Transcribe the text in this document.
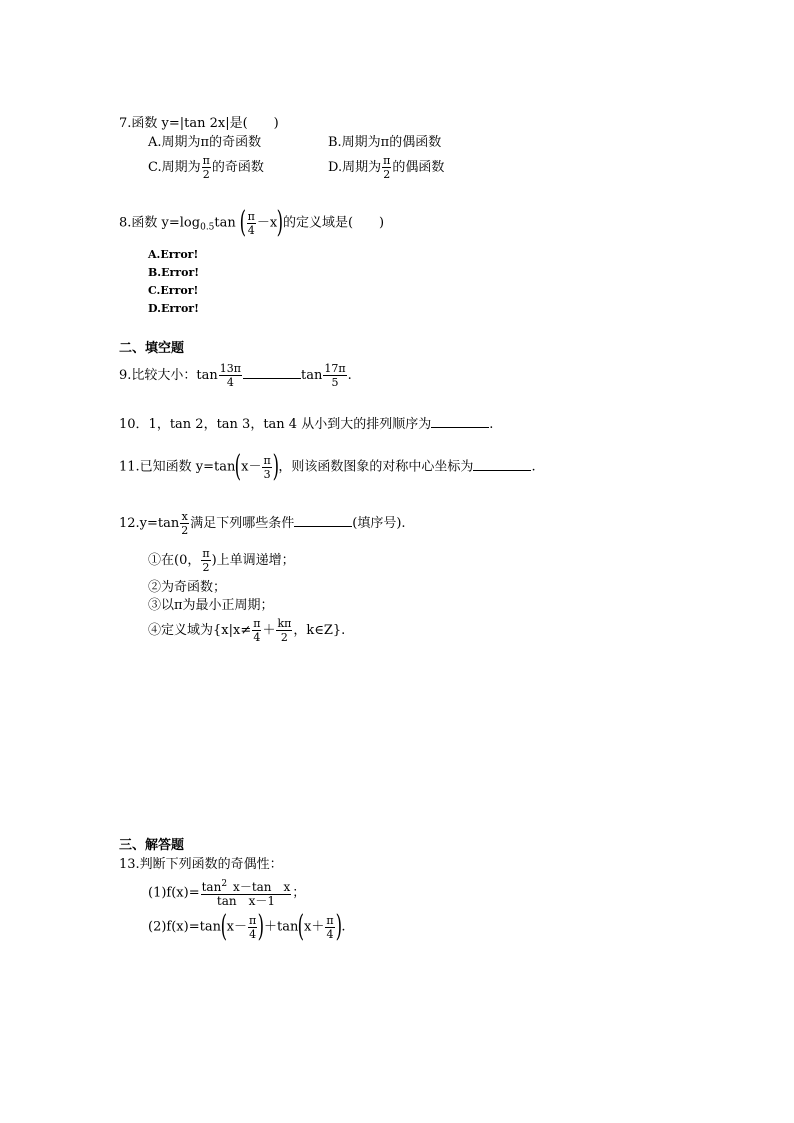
7.函数 y=|tan 2x|是(　　)
A.周期为π的奇函数	B.周期为π的偶函数
C.周期为 $\frac{\pi}{2}$ 的奇函数	D.周期为 $\frac{\pi}{2}$ 的偶函数
8.函数 $y=\log_{0.5}\tan$ ( $\frac{\pi}{4} -x$)的定义域是(　　)
A.Error!
B.Error!
C.Error!
D.Error!
二、填空题
9.比较大小：$\tan \frac{13\pi}{4}$	$\tan \frac{17\pi}{5}$ .
10．1，tan 2，tan 3，tan 4 从小到大的排列顺序为	.
11.已知函数 $y=\tan(x- \frac{\pi}{3}$ )，则该函数图象的对称中心坐标为	.
$12.y=\tan \frac{x}{2}$ 满足下列哪些条件	(填序号).
①在(0， $\frac{\pi}{2}$ )上单调递增；
②为奇函数；
③以π为最小正周期；
④定义域为{$x|x\ne \frac{\pi}{4} + \frac{k\pi}{2}$ ，k∈Z}.
三、解答题
13.判断下列函数的奇偶性：
$(1)f(x)= \frac{\tan^2 x-\tan x}{\text{tan　x－1}}$ ；
$(2)f(x)=\tan(x- \frac{\pi}{4} )+\tan(x+ \frac{\pi}{4}$ ).
